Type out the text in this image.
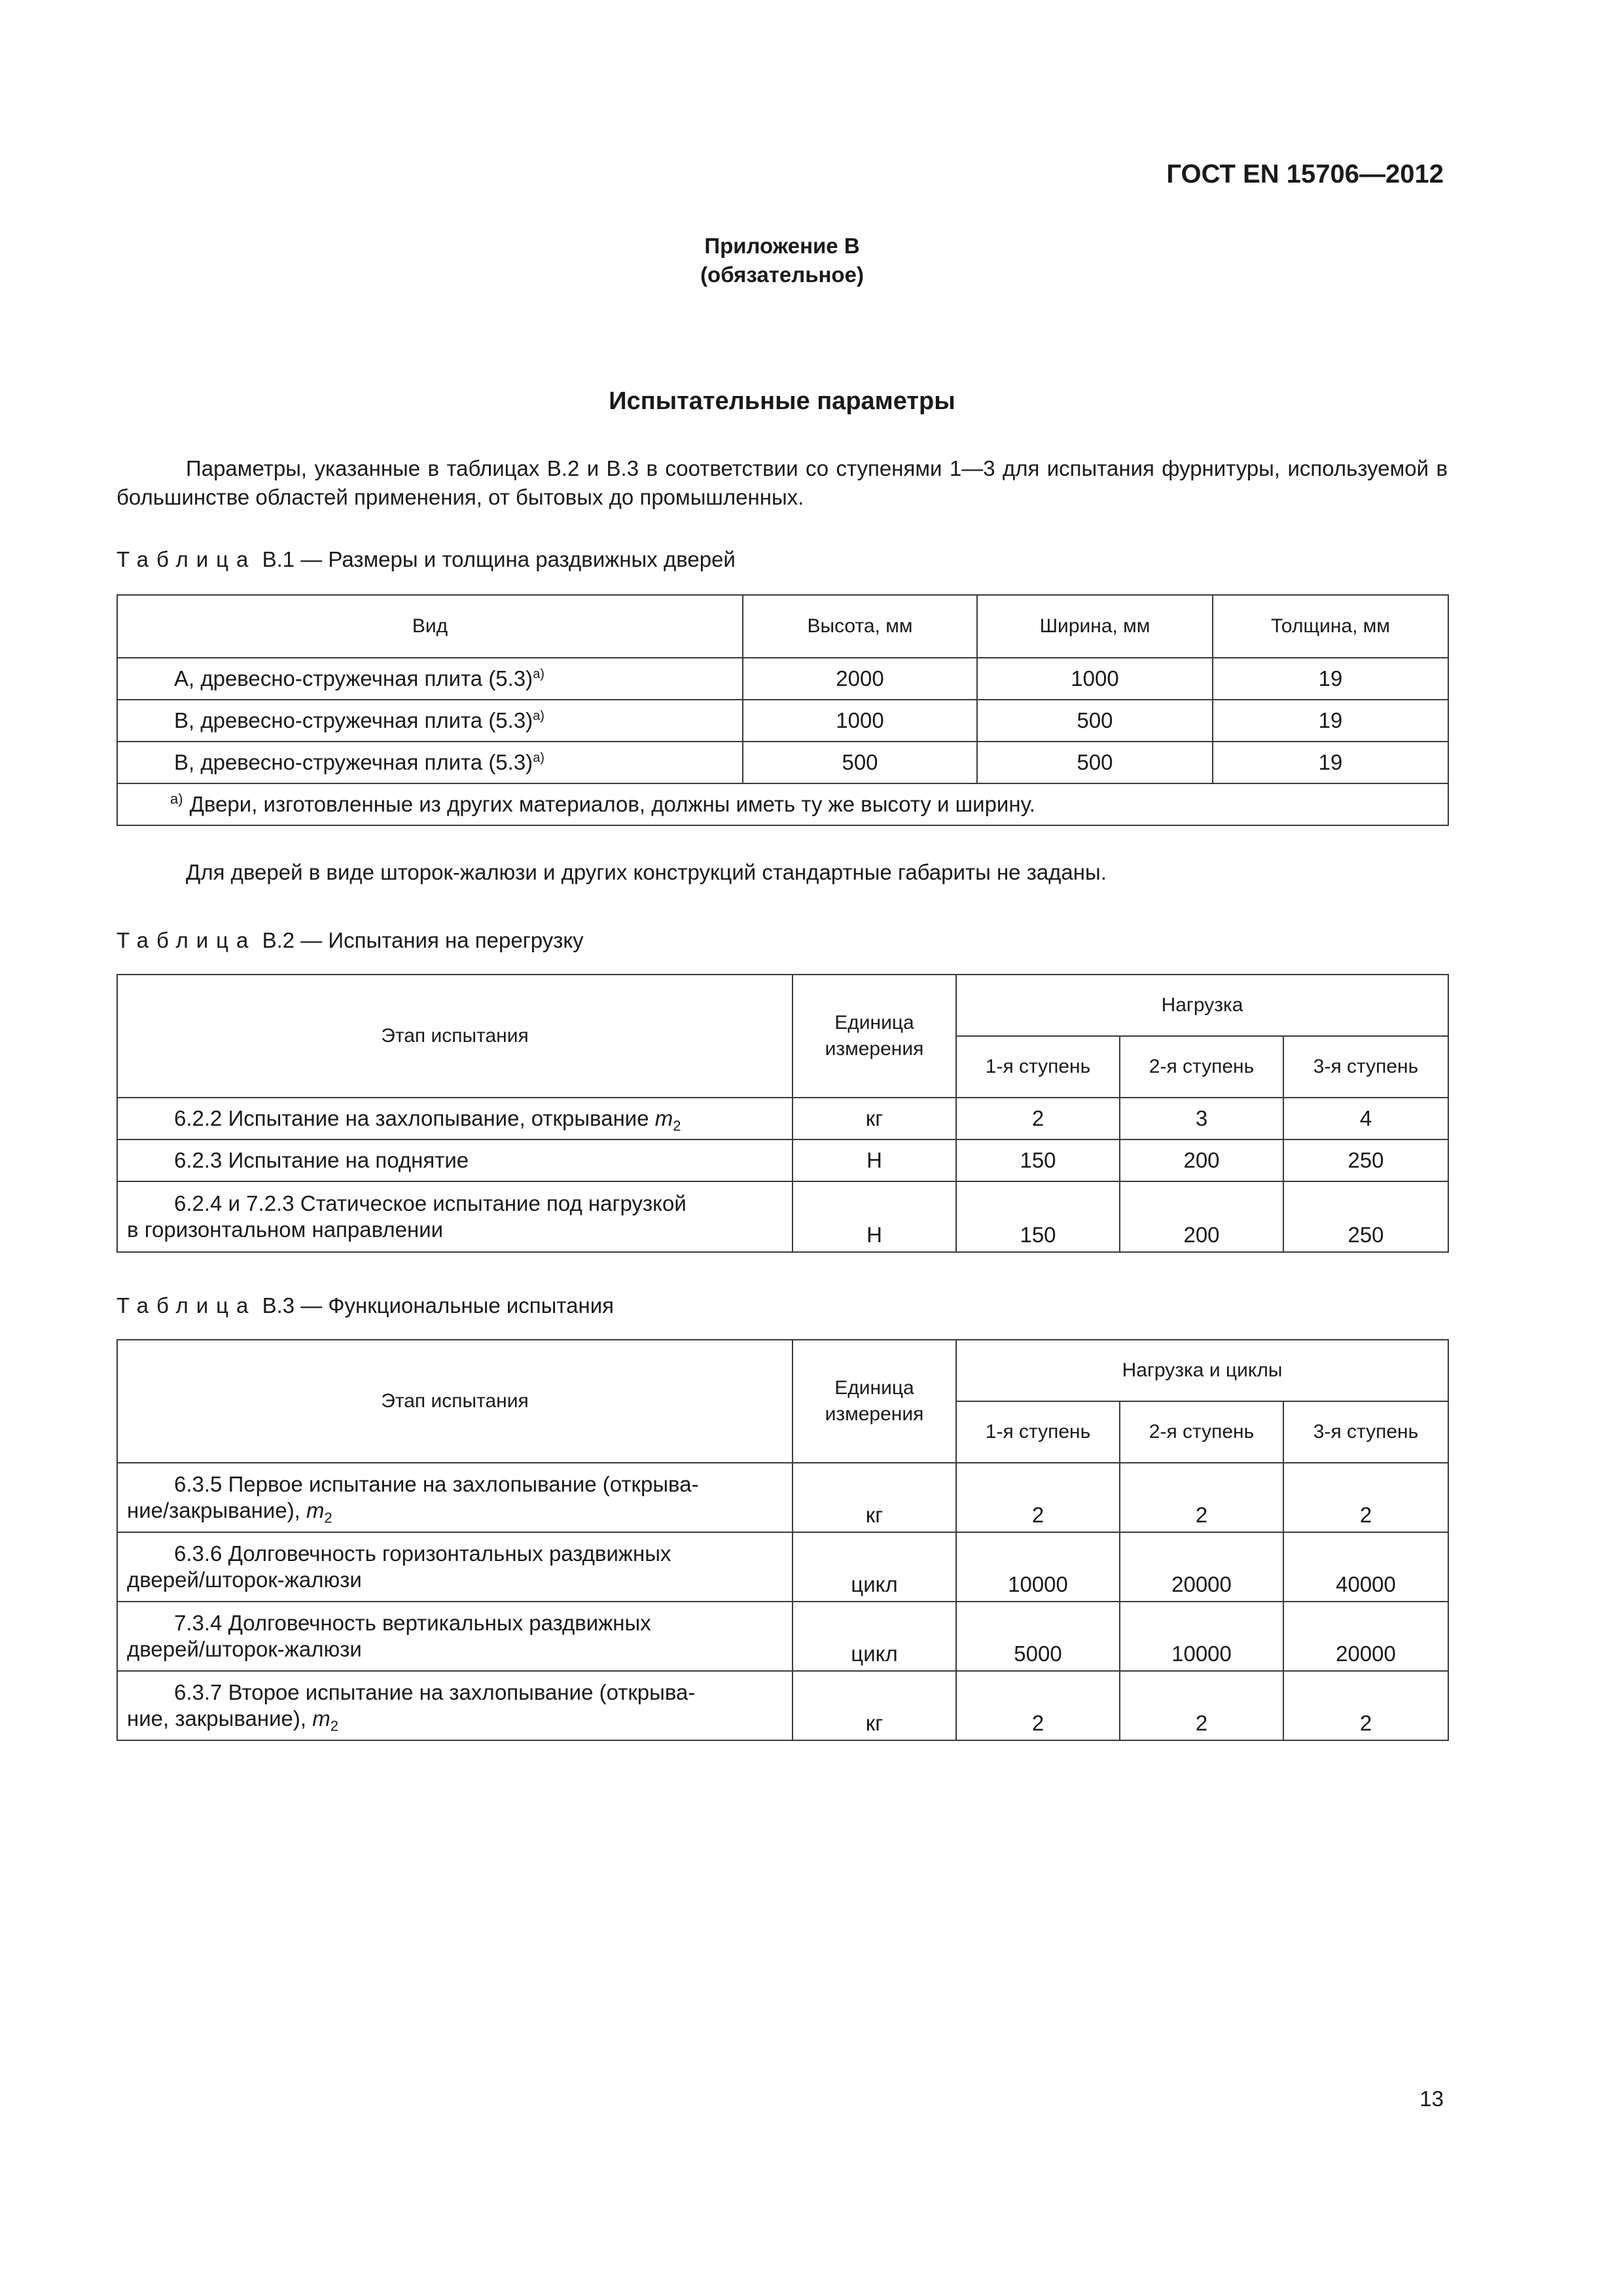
ГОСТ EN 15706—2012
Приложение В
(обязательное)
Испытательные параметры
Параметры, указанные в таблицах В.2 и В.3 в соответствии со ступенями 1—3 для испытания фурнитуры, используемой в большинстве областей применения, от бытовых до промышленных.
Таблица В.1 — Размеры и толщина раздвижных дверей
Вид	Высота, мм	Ширина, мм	Толщина, мм
А, древесно-стружечная плита $(5.3)^{a)}$	2000	1000	19
В, древесно-стружечная плита $(5.3)^{a)}$	1000	500	19
В, древесно-стружечная плита $(5.3)^{a)}$	500	500	19
$^{a)}$ Двери, изготовленные из других материалов, должны иметь ту же высоту и ширину.			
Для дверей в виде шторок-жалюзи и других конструкций стандартные габариты не заданы.
Таблица В.2 — Испытания на перегрузку
Этап испытания	Единица измерения	Нагрузка		
		1-я ступень	2-я ступень	3-я ступень
6.2.2 Испытание на захлопывание, открывание $m_2$	кг	2	3	4
6.2.3 Испытание на поднятие	Н	150	200	250

6.2.4 и 7.2.3 Статическое испытание под нагрузкой
в горизонтальном направлении	Н	150	200	250
Таблица В.3 — Функциональные испытания
Этап испытания	Единица измерения	Нагрузка и циклы		
		1-я ступень	2-я ступень	3-я ступень

6.3.5 Первое испытание на захлопывание (открыва-
ние/закрывание), $m_2$	кг	2	2	2

6.3.6 Долговечность горизонтальных раздвижных
дверей/шторок-жалюзи	цикл	10000	20000	40000

7.3.4 Долговечность вертикальных раздвижных
дверей/шторок-жалюзи	цикл	5000	10000	20000

6.3.7 Второе испытание на захлопывание (открыва-
ние, закрывание), $m_2$	кг	2	2	2
13
